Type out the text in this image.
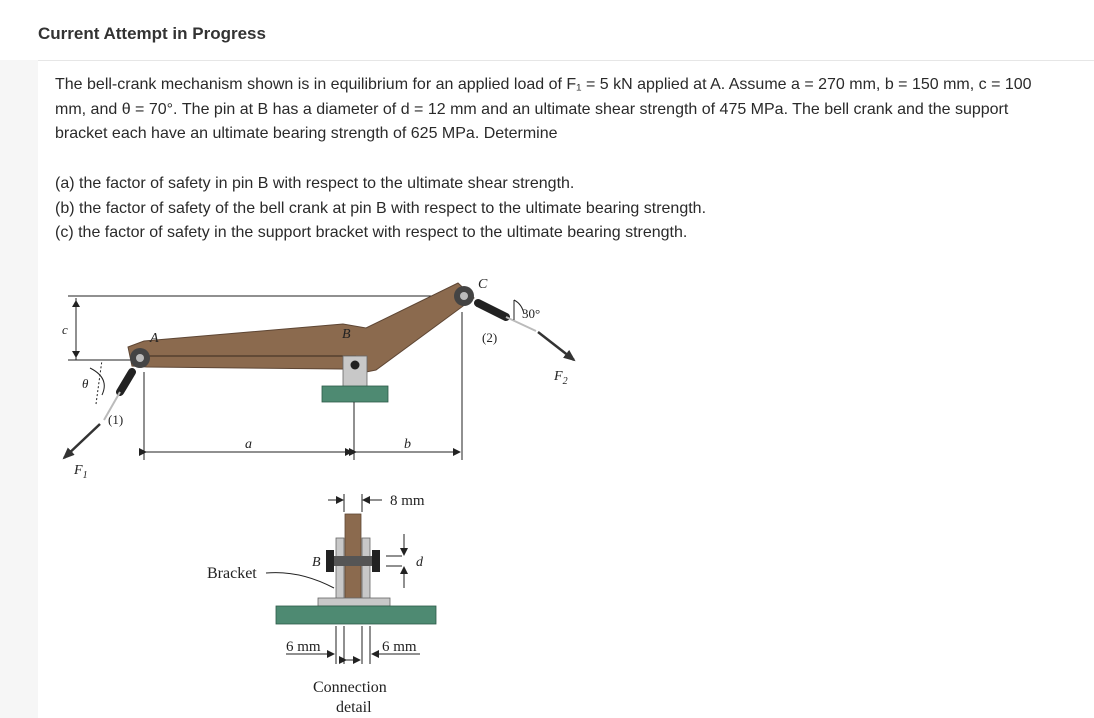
Current Attempt in Progress
The bell-crank mechanism shown is in equilibrium for an applied load of F₁ = 5 kN applied at A. Assume a = 270 mm, b = 150 mm, c = 100 mm, and θ = 70°. The pin at B has a diameter of d = 12 mm and an ultimate shear strength of 475 MPa. The bell crank and the support bracket each have an ultimate bearing strength of 625 MPa. Determine
(a) the factor of safety in pin B with respect to the ultimate shear strength.
(b) the factor of safety of the bell crank at pin B with respect to the ultimate bearing strength.
(c) the factor of safety in the support bracket with respect to the ultimate bearing strength.
c	B
A
(1)
$F_1$
θ
C
(2)
$F_2$
30°
a	b
8 mm
B	d
Bracket
6 mm	6 mm
Connection
detail
